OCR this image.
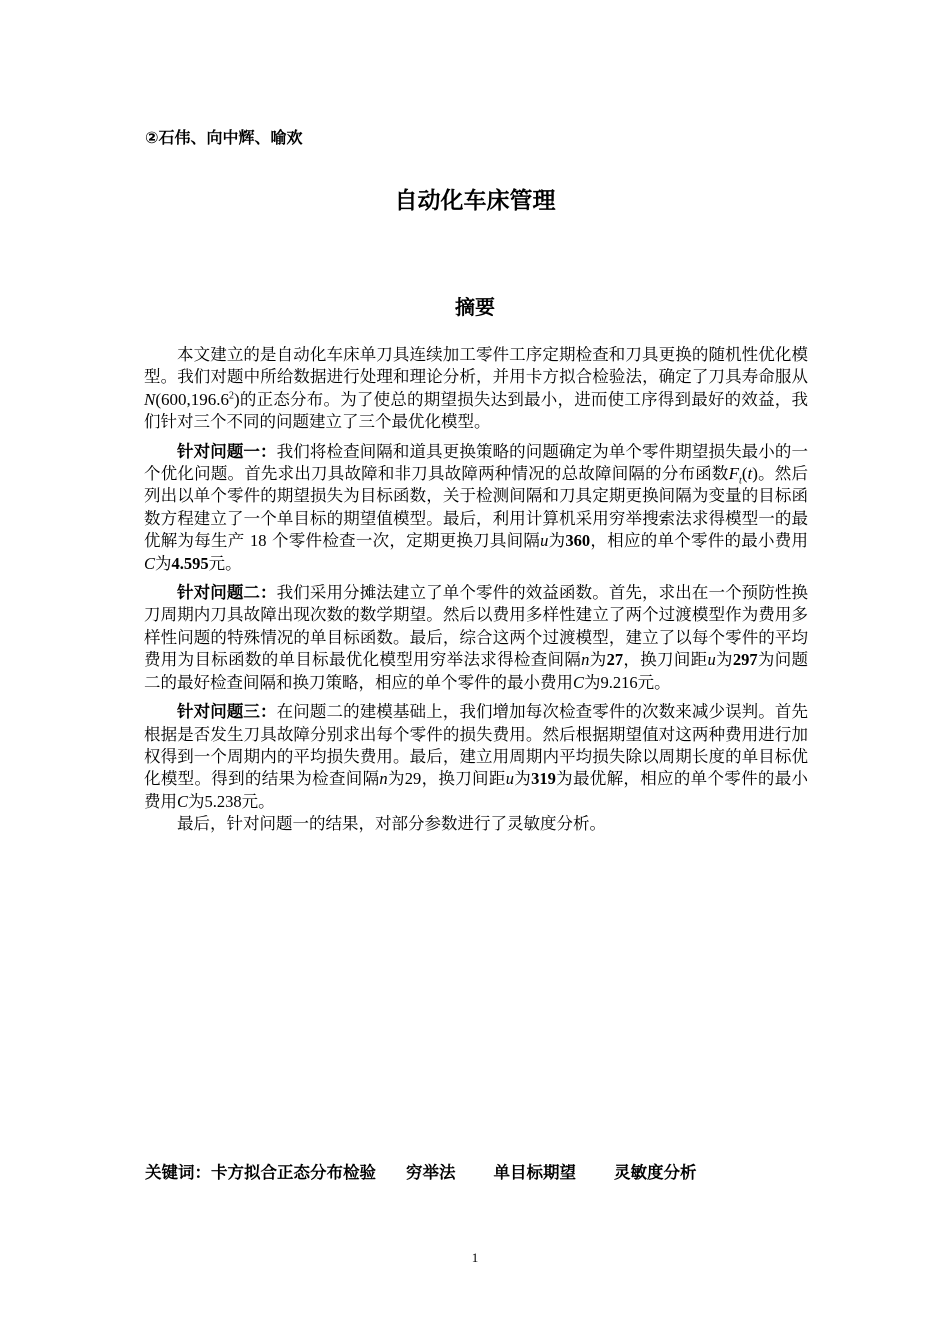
②石伟、向中辉、喻欢
自动化车床管理
摘要

本文建立的是自动化车床单刀具连续加工零件工序定期检查和刀具更换的随机性优化模型。我们对题中所给数据进行处理和理论分析，并用卡方拟合检验法，确定了刀具寿命服从N(600,196.6$^2$)的正态分布。为了使总的期望损失达到最小，进而使工序得到最好的效益，我们针对三个不同的问题建立了三个最优化模型。

针对问题一：我们将检查间隔和道具更换策略的问题确定为单个零件期望损失最小的一个优化问题。首先求出刀具故障和非刀具故障两种情况的总故障间隔的分布函数$F_t(t)$。然后列出以单个零件的期望损失为目标函数，关于检测间隔和刀具定期更换间隔为变量的目标函数方程建立了一个单目标的期望值模型。最后，利用计算机采用穷举搜索法求得模型一的最优解为每生产 18 个零件检查一次，定期更换刀具间隔u为360，相应的单个零件的最小费用C为4.595元。

针对问题二：我们采用分摊法建立了单个零件的效益函数。首先，求出在一个预防性换刀周期内刀具故障出现次数的数学期望。然后以费用多样性建立了两个过渡模型作为费用多样性问题的特殊情况的单目标函数。最后，综合这两个过渡模型，建立了以每个零件的平均费用为目标函数的单目标最优化模型用穷举法求得检查间隔n为27，换刀间距u为297为问题二的最好检查间隔和换刀策略，相应的单个零件的最小费用C为9.216元。

针对问题三：在问题二的建模基础上，我们增加每次检查零件的次数来减少误判。首先根据是否发生刀具故障分别求出每个零件的损失费用。然后根据期望值对这两种费用进行加权得到一个周期内的平均损失费用。最后，建立用周期内平均损失除以周期长度的单目标优化模型。得到的结果为检查间隔n为29，换刀间距u为319为最优解，相应的单个零件的最小费用C为5.238元。

最后，针对问题一的结果，对部分参数进行了灵敏度分析。

关键词：卡方拟合正态分布检验 穷举法 单目标期望 灵敏度分析
1
